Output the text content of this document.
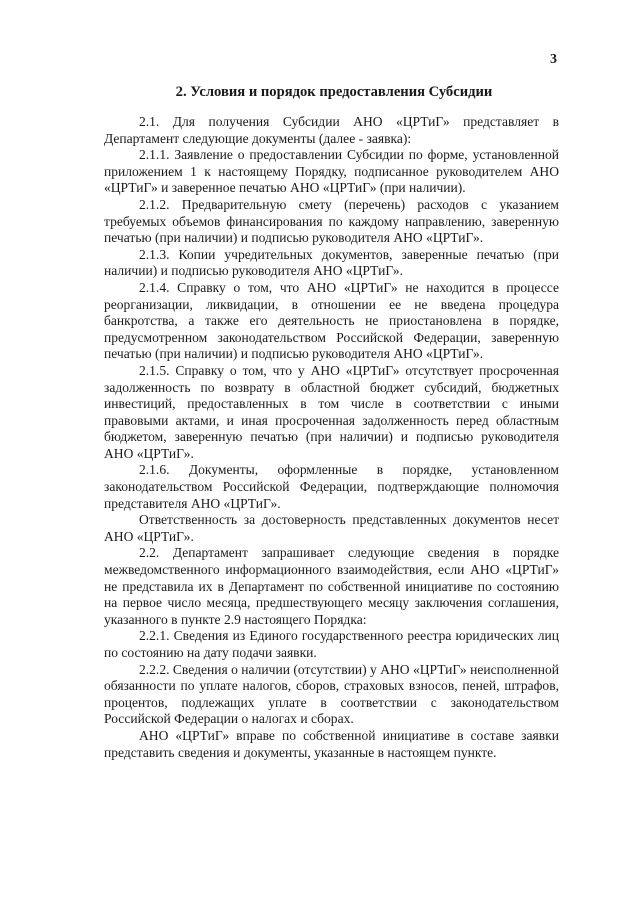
3
2. Условия и порядок предоставления Субсидии

2.1. Для получения Субсидии АНО «ЦРТиГ» представляет в Департамент следующие документы (далее - заявка):

2.1.1. Заявление о предоставлении Субсидии по форме, установленной приложением 1 к настоящему Порядку, подписанное руководителем АНО «ЦРТиГ» и заверенное печатью АНО «ЦРТиГ» (при наличии).

2.1.2. Предварительную смету (перечень) расходов с указанием требуемых объемов финансирования по каждому направлению, заверенную печатью (при наличии) и подписью руководителя АНО «ЦРТиГ».

2.1.3. Копии учредительных документов, заверенные печатью (при наличии) и подписью руководителя АНО «ЦРТиГ».

2.1.4. Справку о том, что АНО «ЦРТиГ» не находится в процессе реорганизации, ликвидации, в отношении ее не введена процедура банкротства, а также его деятельность не приостановлена в порядке, предусмотренном законодательством Российской Федерации, заверенную печатью (при наличии) и подписью руководителя АНО «ЦРТиГ».

2.1.5. Справку о том, что у АНО «ЦРТиГ» отсутствует просроченная задолженность по возврату в областной бюджет субсидий, бюджетных инвестиций, предоставленных в том числе в соответствии с иными правовыми актами, и иная просроченная задолженность перед областным бюджетом, заверенную печатью (при наличии) и подписью руководителя АНО «ЦРТиГ».

2.1.6. Документы, оформленные в порядке, установленном законодательством Российской Федерации, подтверждающие полномочия представителя АНО «ЦРТиГ».

Ответственность за достоверность представленных документов несет АНО «ЦРТиГ».

2.2. Департамент запрашивает следующие сведения в порядке межведомственного информационного взаимодействия, если АНО «ЦРТиГ» не представила их в Департамент по собственной инициативе по состоянию на первое число месяца, предшествующего месяцу заключения соглашения, указанного в пункте 2.9 настоящего Порядка:

2.2.1. Сведения из Единого государственного реестра юридических лиц по состоянию на дату подачи заявки.

2.2.2. Сведения о наличии (отсутствии) у АНО «ЦРТиГ» неисполненной обязанности по уплате налогов, сборов, страховых взносов, пеней, штрафов, процентов, подлежащих уплате в соответствии с законодательством Российской Федерации о налогах и сборах.

АНО «ЦРТиГ» вправе по собственной инициативе в составе заявки представить сведения и документы, указанные в настоящем пункте.
